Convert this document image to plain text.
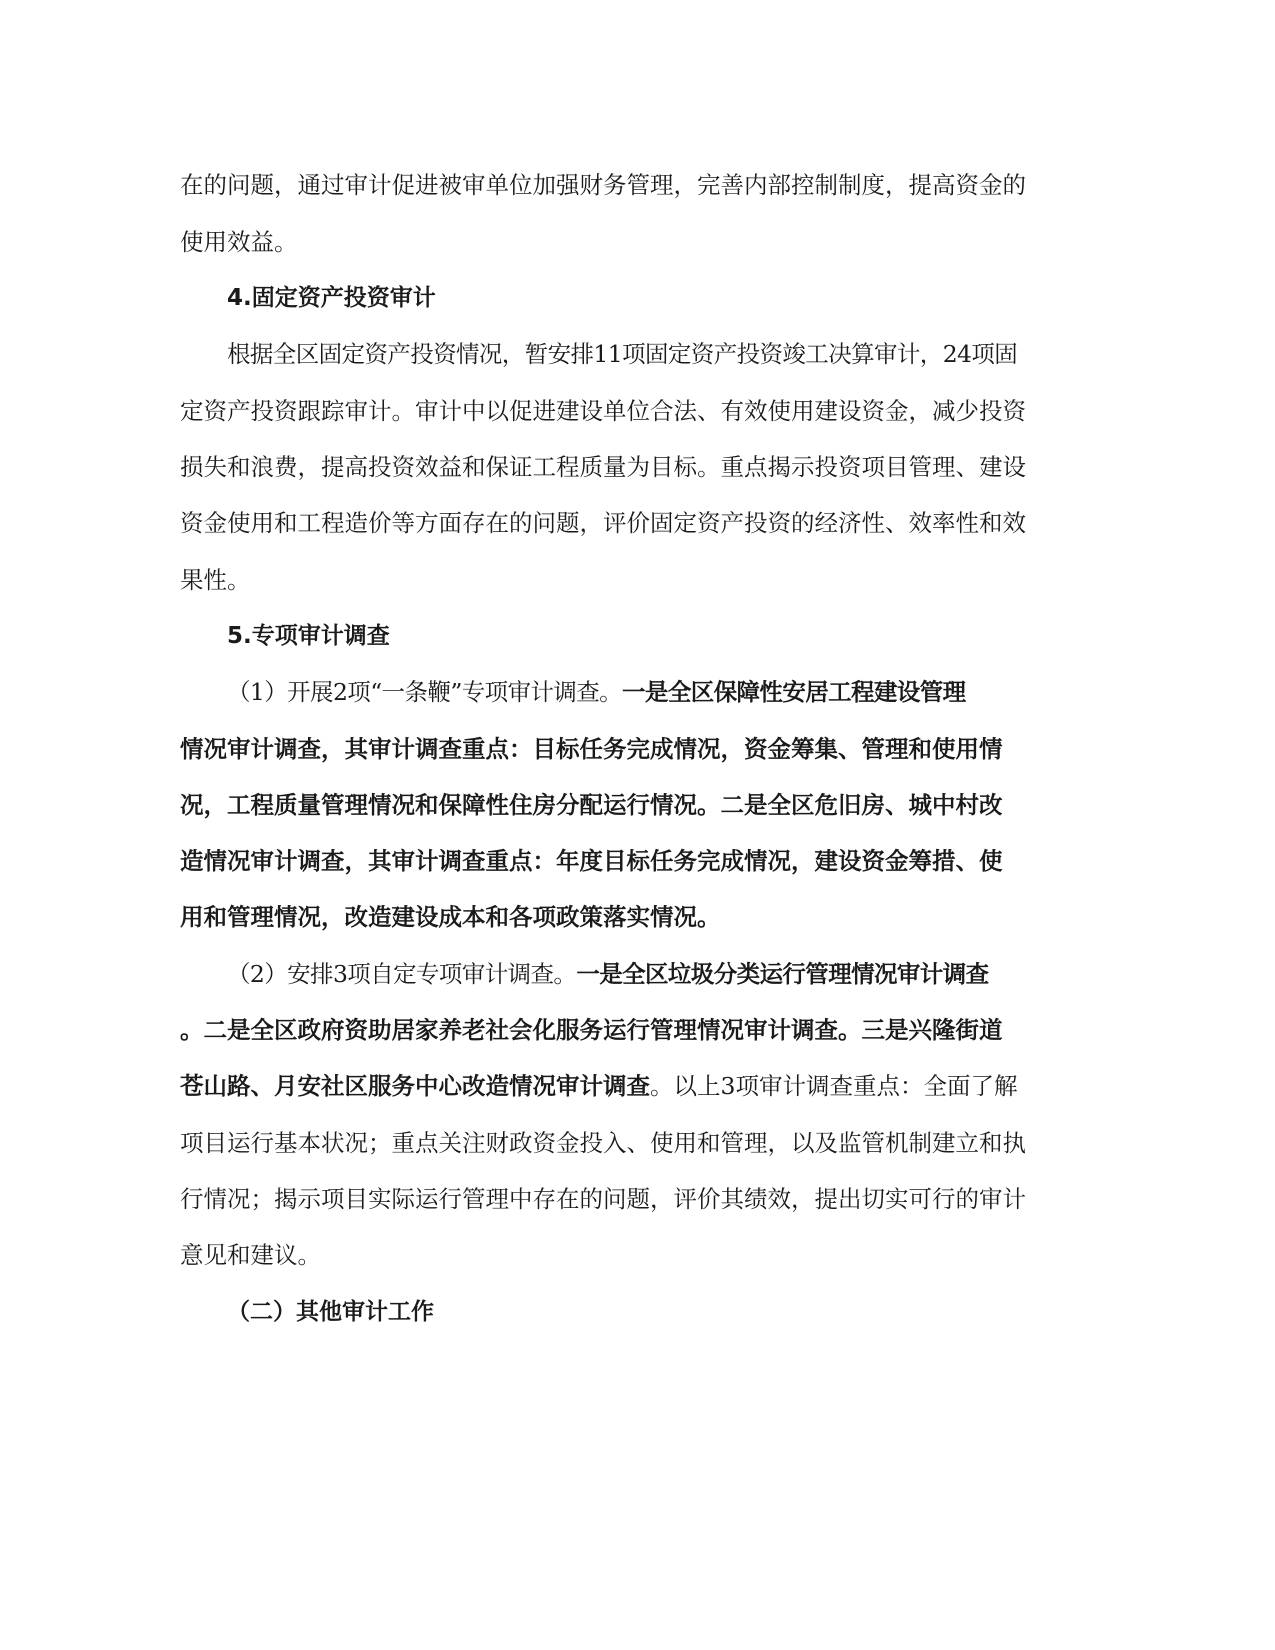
在的问题，通过审计促进被审单位加强财务管理，完善内部控制制度，提高资金的

使用效益。

4.固定资产投资审计

根据全区固定资产投资情况，暂安排11项固定资产投资竣工决算审计，24项固

定资产投资跟踪审计。审计中以促进建设单位合法、有效使用建设资金，减少投资

损失和浪费，提高投资效益和保证工程质量为目标。重点揭示投资项目管理、建设

资金使用和工程造价等方面存在的问题，评价固定资产投资的经济性、效率性和效

果性。

5.专项审计调查

（1）开展2项“一条鞭”专项审计调查。一是全区保障性安居工程建设管理

情况审计调查，其审计调查重点：目标任务完成情况，资金筹集、管理和使用情

况，工程质量管理情况和保障性住房分配运行情况。二是全区危旧房、城中村改

造情况审计调查，其审计调查重点：年度目标任务完成情况，建设资金筹措、使

用和管理情况，改造建设成本和各项政策落实情况。

（2）安排3项自定专项审计调查。一是全区垃圾分类运行管理情况审计调查

。二是全区政府资助居家养老社会化服务运行管理情况审计调查。三是兴隆街道

苍山路、月安社区服务中心改造情况审计调查。以上3项审计调查重点：全面了解

项目运行基本状况；重点关注财政资金投入、使用和管理，以及监管机制建立和执

行情况；揭示项目实际运行管理中存在的问题，评价其绩效，提出切实可行的审计

意见和建议。

（二）其他审计工作
